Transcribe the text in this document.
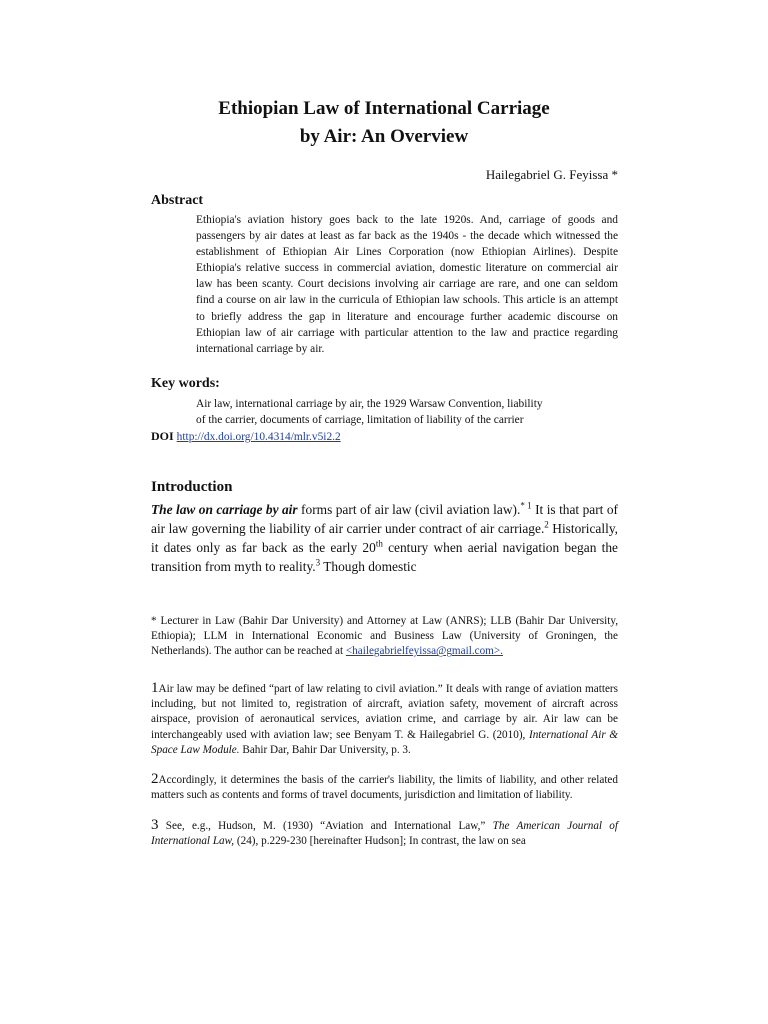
Ethiopian Law of International Carriage
by Air: An Overview
Hailegabriel G. Feyissa *
Abstract
Ethiopia's aviation history goes back to the late 1920s. And, carriage of goods and passengers by air dates at least as far back as the 1940s - the decade which witnessed the establishment of Ethiopian Air Lines Corporation (now Ethiopian Airlines). Despite Ethiopia's relative success in commercial aviation, domestic literature on commercial air law has been scanty. Court decisions involving air carriage are rare, and one can seldom find a course on air law in the curricula of Ethiopian law schools. This article is an attempt to briefly address the gap in literature and encourage further academic discourse on Ethiopian law of air carriage with particular attention to the law and practice regarding international carriage by air.
Key words:
Air law, international carriage by air, the 1929 Warsaw Convention, liability
of the carrier, documents of carriage, limitation of liability of the carrier
DOI http://dx.doi.org/10.4314/mlr.v5i2.2
Introduction
The law on carriage by air forms part of air law (civil aviation law).$^{* 1}$ It is that part of air law governing the liability of air carrier under contract of air carriage.$^2$ Historically, it dates only as far back as the early 20th century when aerial navigation began the transition from myth to reality.$^3$ Though domestic
* Lecturer in Law (Bahir Dar University) and Attorney at Law (ANRS); LLB (Bahir Dar University, Ethiopia); LLM in International Economic and Business Law (University of Groningen, the Netherlands). The author can be reached at <hailegabrielfeyissa@gmail.com>.
1Air law may be defined “part of law relating to civil aviation.” It deals with range of aviation matters including, but not limited to, registration of aircraft, aviation safety, movement of aircraft across airspace, provision of aeronautical services, aviation crime, and carriage by air. Air law can be interchangeably used with aviation law; see Benyam T. & Hailegabriel G. (2010), International Air & Space Law Module. Bahir Dar, Bahir Dar University, p. 3.
2Accordingly, it determines the basis of the carrier's liability, the limits of liability, and other related matters such as contents and forms of travel documents, jurisdiction and limitation of liability.
3 See, e.g., Hudson, M. (1930) “Aviation and International Law,” The American Journal of International Law, (24), p.229-230 [hereinafter Hudson]; In contrast, the law on sea
